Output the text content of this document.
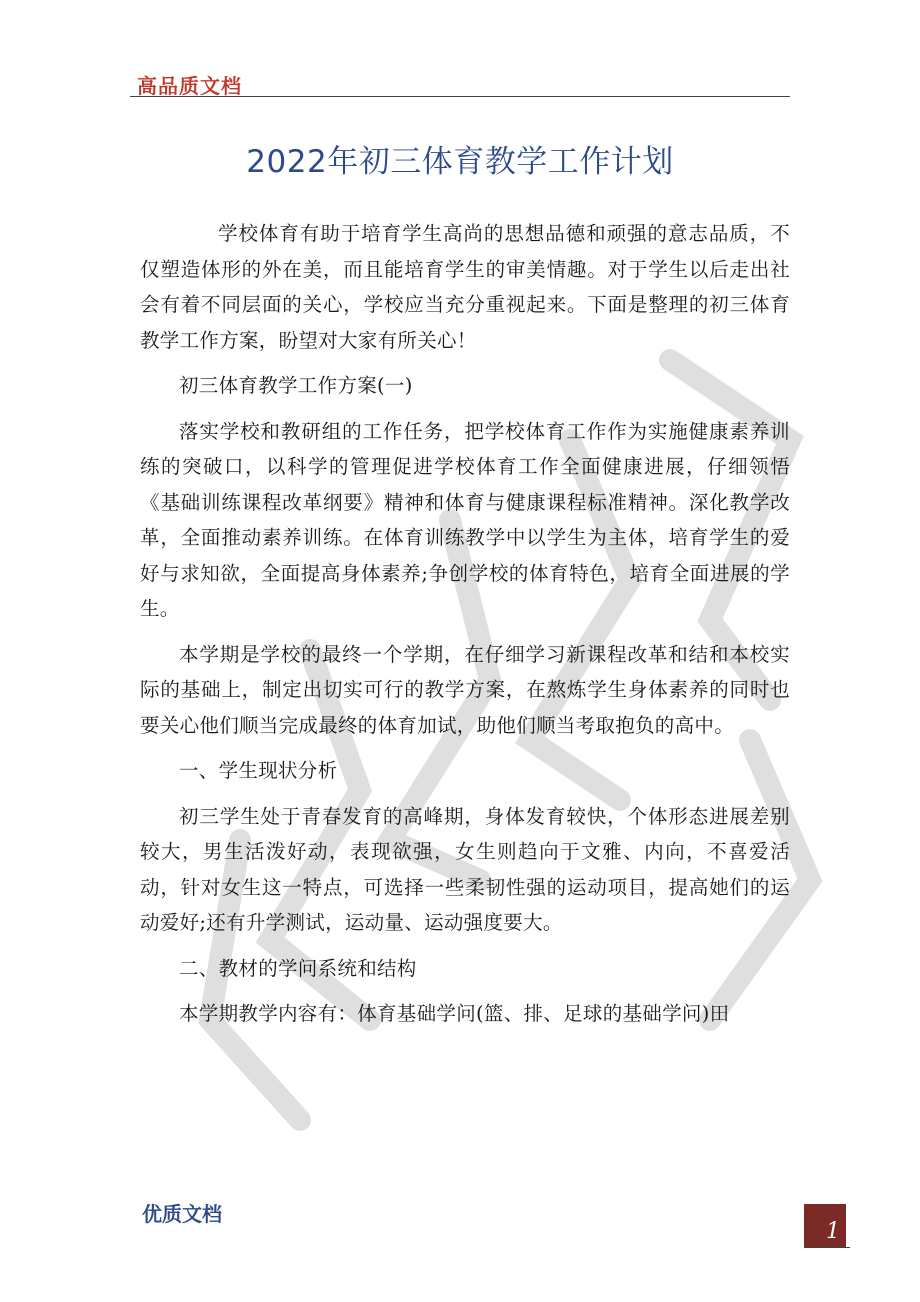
高品质文档
2022年初三体育教学工作计划

学校体育有助于培育学生高尚的思想品德和顽强的意志品质，不仅塑造体形的外在美，而且能培育学生的审美情趣。对于学生以后走出社会有着不同层面的关心，学校应当充分重视起来。下面是整理的初三体育教学工作方案，盼望对大家有所关心！

初三体育教学工作方案(一)

落实学校和教研组的工作任务，把学校体育工作作为实施健康素养训练的突破口，以科学的管理促进学校体育工作全面健康进展，仔细领悟《基础训练课程改革纲要》精神和体育与健康课程标准精神。深化教学改革，全面推动素养训练。在体育训练教学中以学生为主体，培育学生的爱好与求知欲，全面提高身体素养;争创学校的体育特色，培育全面进展的学生。

本学期是学校的最终一个学期，在仔细学习新课程改革和结和本校实际的基础上，制定出切实可行的教学方案，在熬炼学生身体素养的同时也要关心他们顺当完成最终的体育加试，助他们顺当考取抱负的高中。

一、学生现状分析

初三学生处于青春发育的高峰期，身体发育较快，个体形态进展差别较大，男生活泼好动，表现欲强，女生则趋向于文雅、内向，不喜爱活动，针对女生这一特点，可选择一些柔韧性强的运动项目，提高她们的运动爱好;还有升学测试，运动量、运动强度要大。

二、教材的学问系统和结构

本学期教学内容有：体育基础学问(篮、排、足球的基础学问)田

优质文档
1
